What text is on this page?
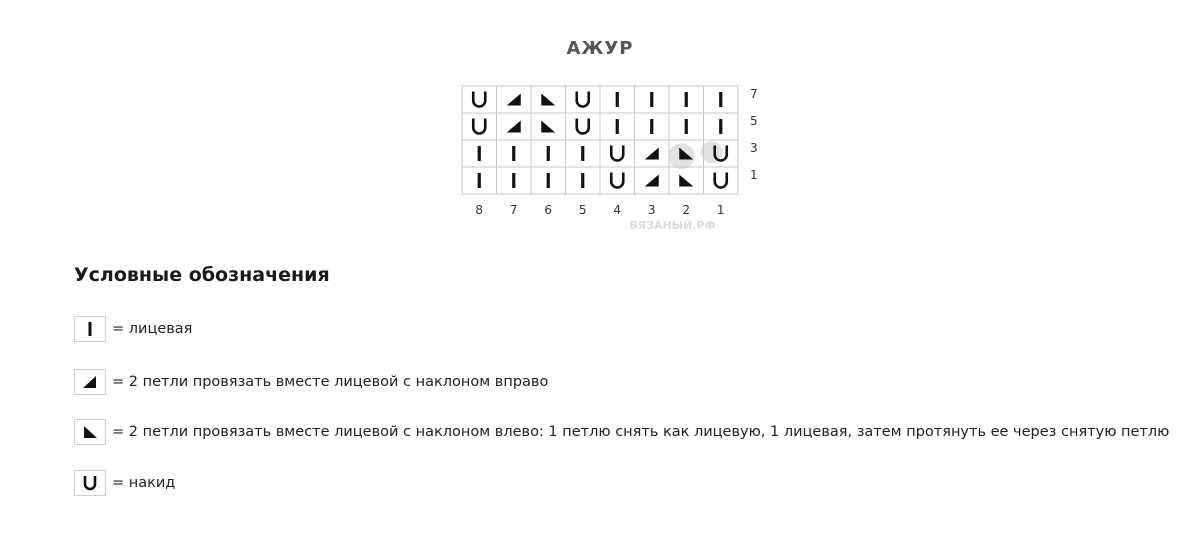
АЖУР
ВЯЗАНЫЙ.РФ
7
5
3
1
8 7 6 5 4 3 2 1
Условные обозначения
= лицевая
= 2 петли провязать вместе лицевой с наклоном вправо
= 2 петли провязать вместе лицевой с наклоном влево: 1 петлю снять как лицевую, 1 лицевая, затем протянуть ее через снятую петлю
= накид
